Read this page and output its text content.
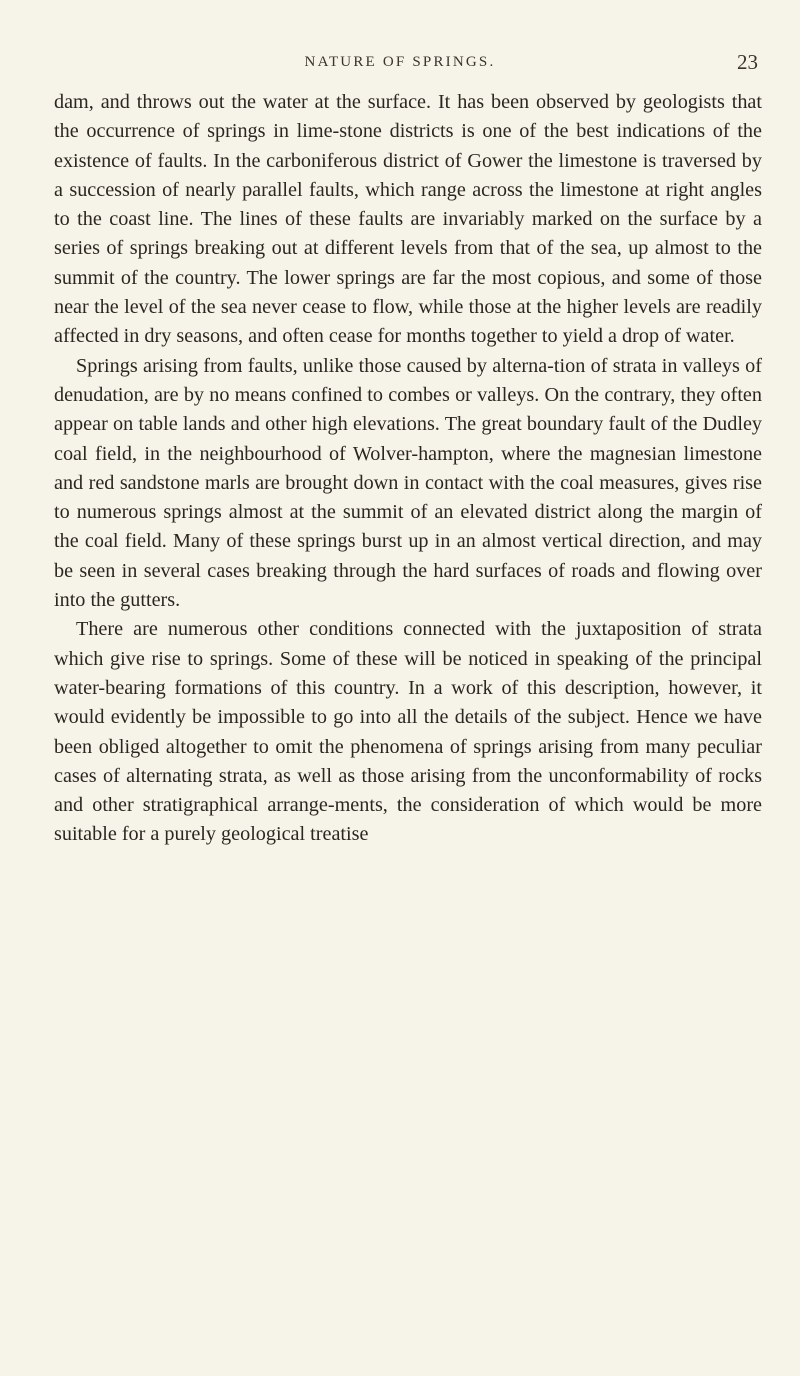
NATURE OF SPRINGS.	23

dam, and throws out the water at the surface. It has been observed by geologists that the occurrence of springs in lime-stone districts is one of the best indications of the existence of faults. In the carboniferous district of Gower the limestone is traversed by a succession of nearly parallel faults, which range across the limestone at right angles to the coast line. The lines of these faults are invariably marked on the surface by a series of springs breaking out at different levels from that of the sea, up almost to the summit of the country. The lower springs are far the most copious, and some of those near the level of the sea never cease to flow, while those at the higher levels are readily affected in dry seasons, and often cease for months together to yield a drop of water.

Springs arising from faults, unlike those caused by alterna-tion of strata in valleys of denudation, are by no means confined to combes or valleys. On the contrary, they often appear on table lands and other high elevations. The great boundary fault of the Dudley coal field, in the neighbourhood of Wolver-hampton, where the magnesian limestone and red sandstone marls are brought down in contact with the coal measures, gives rise to numerous springs almost at the summit of an elevated district along the margin of the coal field. Many of these springs burst up in an almost vertical direction, and may be seen in several cases breaking through the hard surfaces of roads and flowing over into the gutters.

There are numerous other conditions connected with the juxtaposition of strata which give rise to springs. Some of these will be noticed in speaking of the principal water-bearing formations of this country. In a work of this description, however, it would evidently be impossible to go into all the details of the subject. Hence we have been obliged altogether to omit the phenomena of springs arising from many peculiar cases of alternating strata, as well as those arising from the unconformability of rocks and other stratigraphical arrange-ments, the consideration of which would be more suitable for a purely geological treatise
